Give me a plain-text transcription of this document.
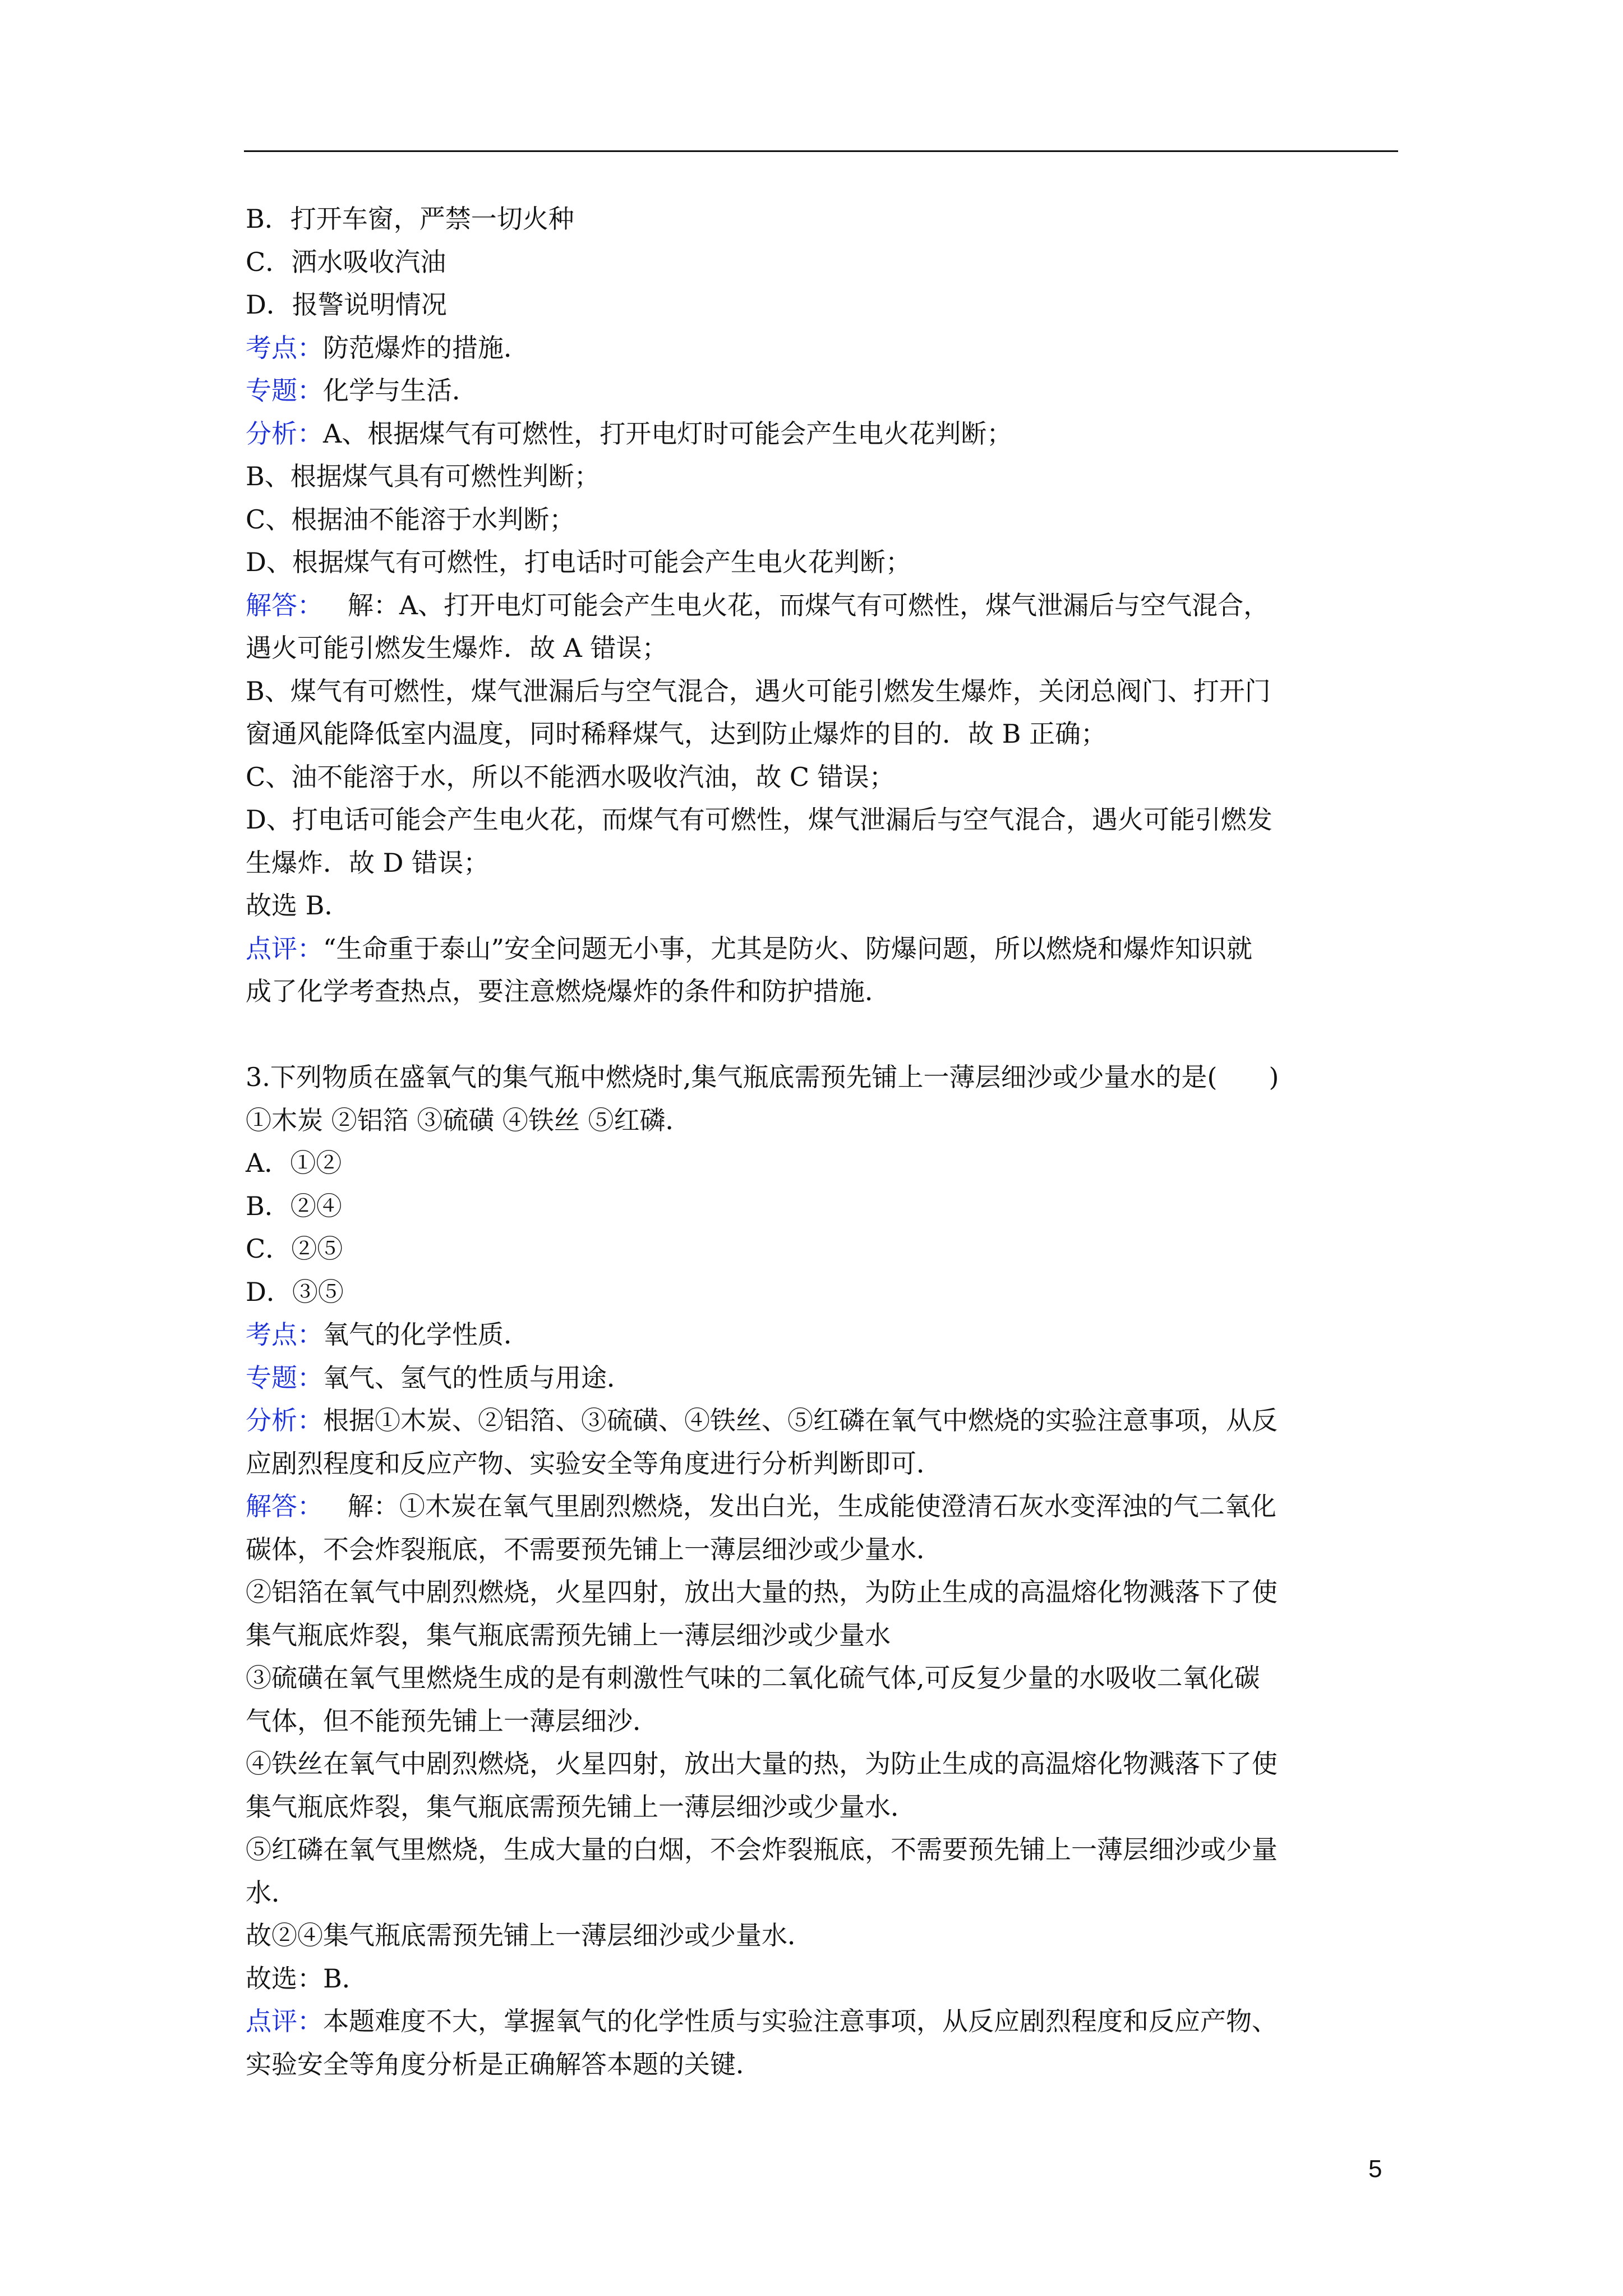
B．打开车窗，严禁一切火种
C．洒水吸收汽油
D．报警说明情况
考点：防范爆炸的措施．
专题：化学与生活．
分析：A、根据煤气有可燃性，打开电灯时可能会产生电火花判断；
B、根据煤气具有可燃性判断；
C、根据油不能溶于水判断；
D、根据煤气有可燃性，打电话时可能会产生电火花判断；
解答： 解：A、打开电灯可能会产生电火花，而煤气有可燃性，煤气泄漏后与空气混合，
遇火可能引燃发生爆炸．故 A 错误；
B、煤气有可燃性，煤气泄漏后与空气混合，遇火可能引燃发生爆炸，关闭总阀门、打开门
窗通风能降低室内温度，同时稀释煤气，达到防止爆炸的目的．故 B 正确；
C、油不能溶于水，所以不能洒水吸收汽油，故 C 错误；
D、打电话可能会产生电火花，而煤气有可燃性，煤气泄漏后与空气混合，遇火可能引燃发
生爆炸．故 D 错误；
故选 B．
点评：“生命重于泰山”安全问题无小事，尤其是防火、防爆问题，所以燃烧和爆炸知识就
成了化学考查热点，要注意燃烧爆炸的条件和防护措施．
3.下列物质在盛氧气的集气瓶中燃烧时,集气瓶底需预先铺上一薄层细沙或少量水的是(　　)
①木炭 ②铝箔 ③硫磺 ④铁丝 ⑤红磷．
A．①②
B．②④
C．②⑤
D．③⑤
考点：氧气的化学性质．
专题：氧气、氢气的性质与用途．
分析：根据①木炭、②铝箔、③硫磺、④铁丝、⑤红磷在氧气中燃烧的实验注意事项，从反
应剧烈程度和反应产物、实验安全等角度进行分析判断即可．
解答： 解：①木炭在氧气里剧烈燃烧，发出白光，生成能使澄清石灰水变浑浊的气二氧化
碳体，不会炸裂瓶底，不需要预先铺上一薄层细沙或少量水．
②铝箔在氧气中剧烈燃烧，火星四射，放出大量的热，为防止生成的高温熔化物溅落下了使
集气瓶底炸裂，集气瓶底需预先铺上一薄层细沙或少量水
③硫磺在氧气里燃烧生成的是有刺激性气味的二氧化硫气体,可反复少量的水吸收二氧化碳
气体，但不能预先铺上一薄层细沙．
④铁丝在氧气中剧烈燃烧，火星四射，放出大量的热，为防止生成的高温熔化物溅落下了使
集气瓶底炸裂，集气瓶底需预先铺上一薄层细沙或少量水．
⑤红磷在氧气里燃烧，生成大量的白烟，不会炸裂瓶底，不需要预先铺上一薄层细沙或少量
水．
故②④集气瓶底需预先铺上一薄层细沙或少量水．
故选：B．
点评：本题难度不大，掌握氧气的化学性质与实验注意事项，从反应剧烈程度和反应产物、
实验安全等角度分析是正确解答本题的关键．
5
